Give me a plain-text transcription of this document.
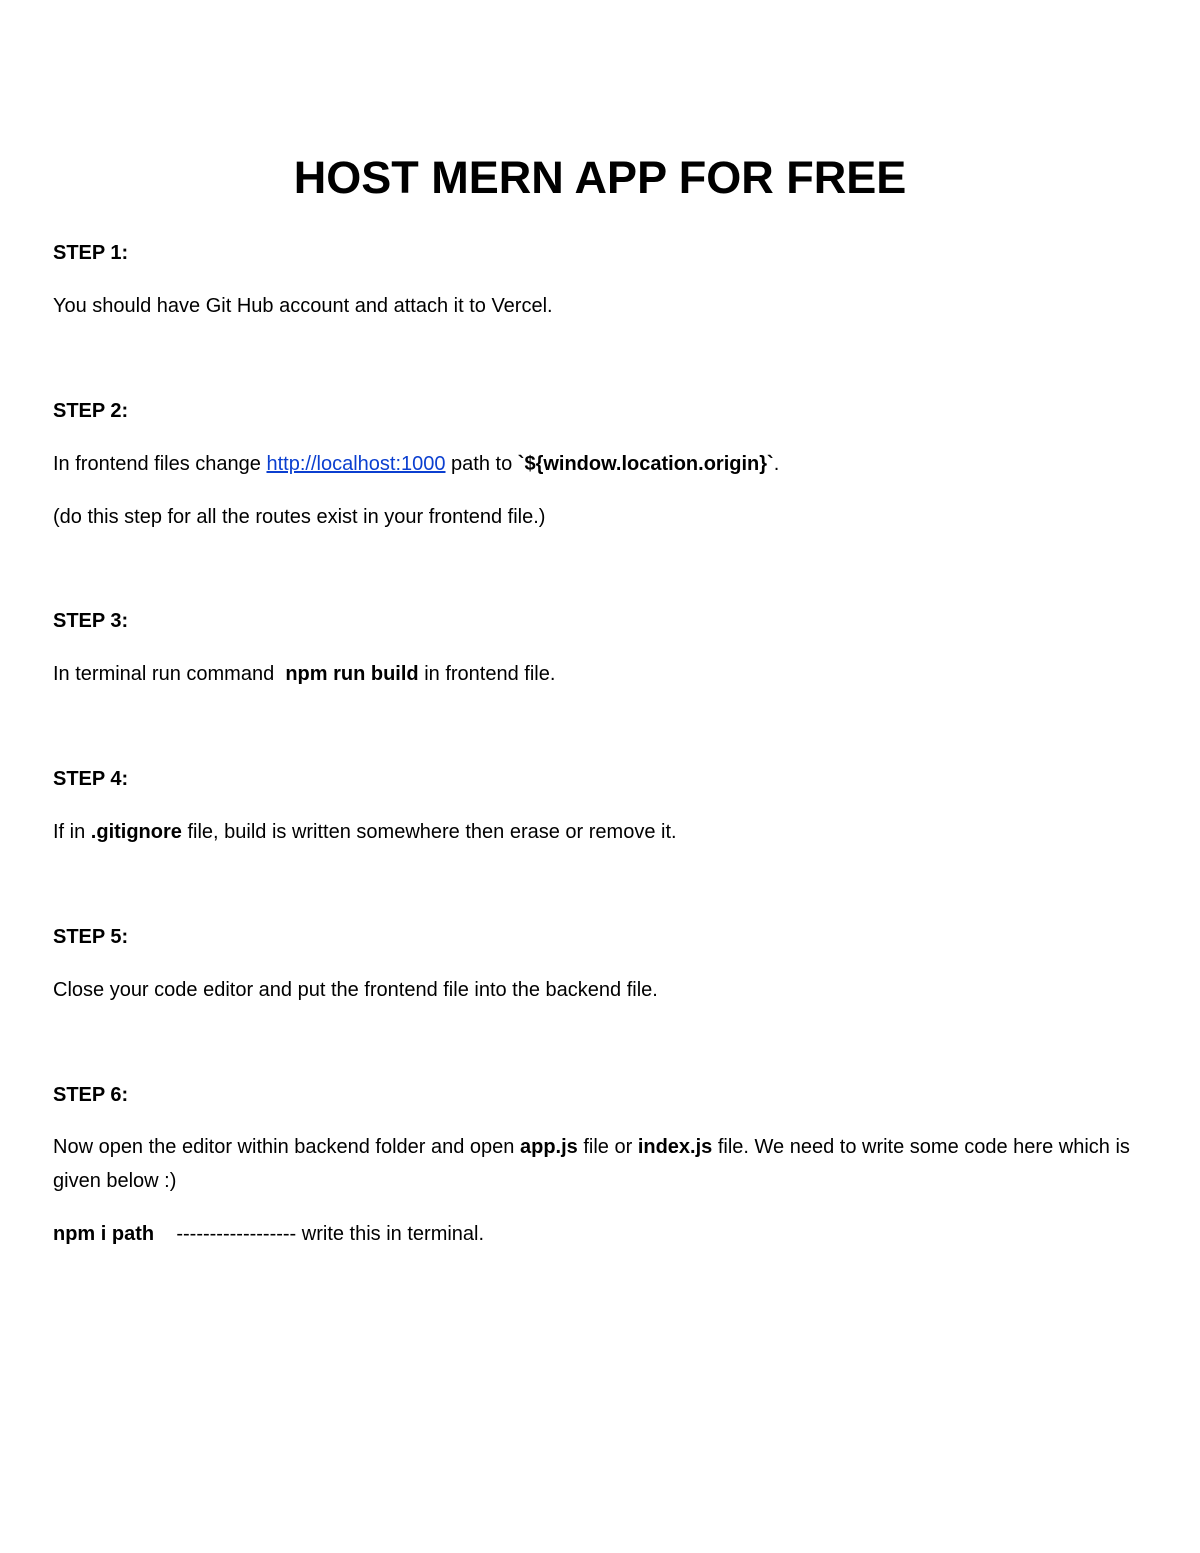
HOST MERN APP FOR FREE
STEP 1:
You should have Git Hub account and attach it to Vercel.
STEP 2:
In frontend files change http://localhost:1000 path to `${window.location.origin}`.
(do this step for all the routes exist in your frontend file.)
STEP 3:
In terminal run command  npm run build in frontend file.
STEP 4:
If in .gitignore file, build is written somewhere then erase or remove it.
STEP 5:
Close your code editor and put the frontend file into the backend file.
STEP 6:
Now open the editor within backend folder and open app.js file or index.js file. We need to write some code here which is given below :)
npm i path    ------------------ write this in terminal.
